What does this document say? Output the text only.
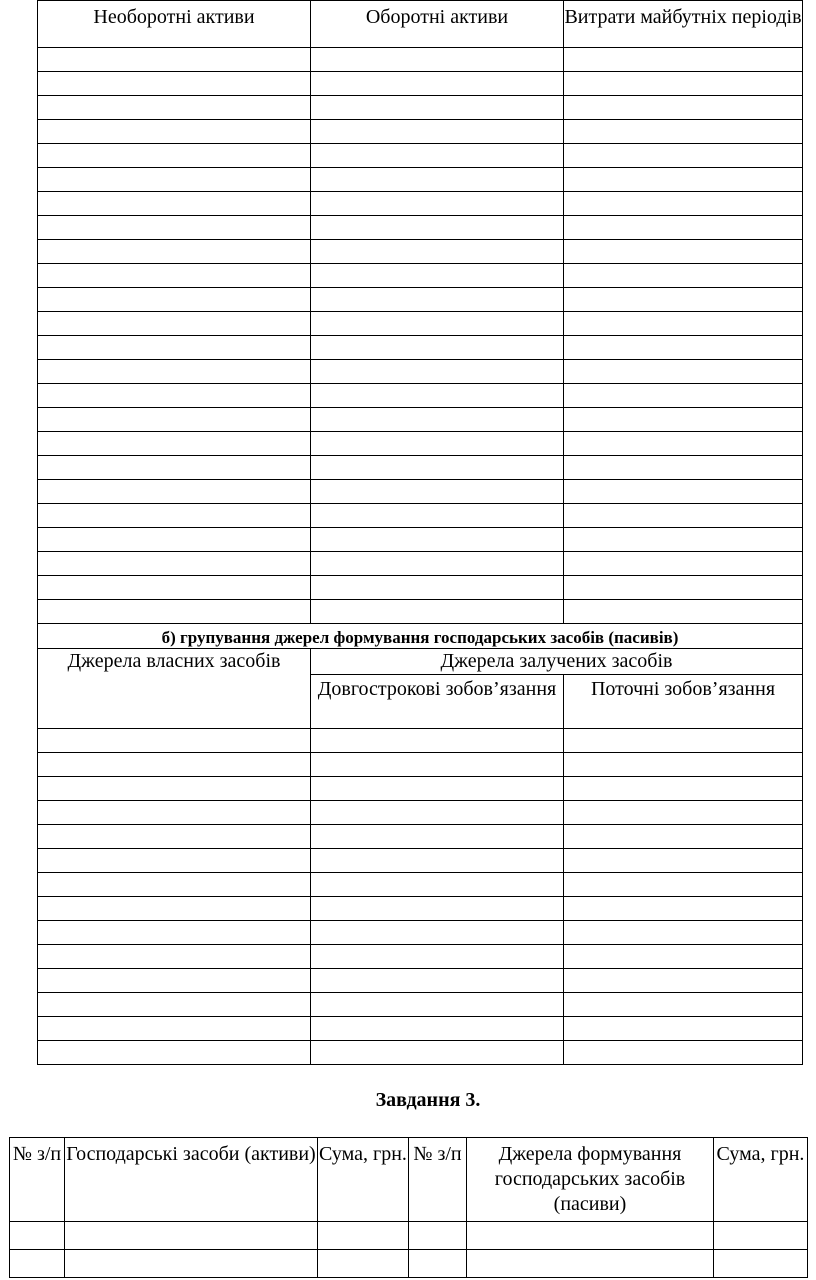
Необоротні активи	Оборотні активи	Витрати майбутніх періодів

б) групування джерел формування господарських засобів (пасивів)		
Джерела власних засобів	Джерела залучених засобів	
	Довгострокові зобов’язання	Поточні зобов’язання

Завдання 3.
№ з/п	Господарські засоби (активи)	Сума, грн.	№ з/п	Джерела формування господарських засобів (пасиви)	Сума, грн.
